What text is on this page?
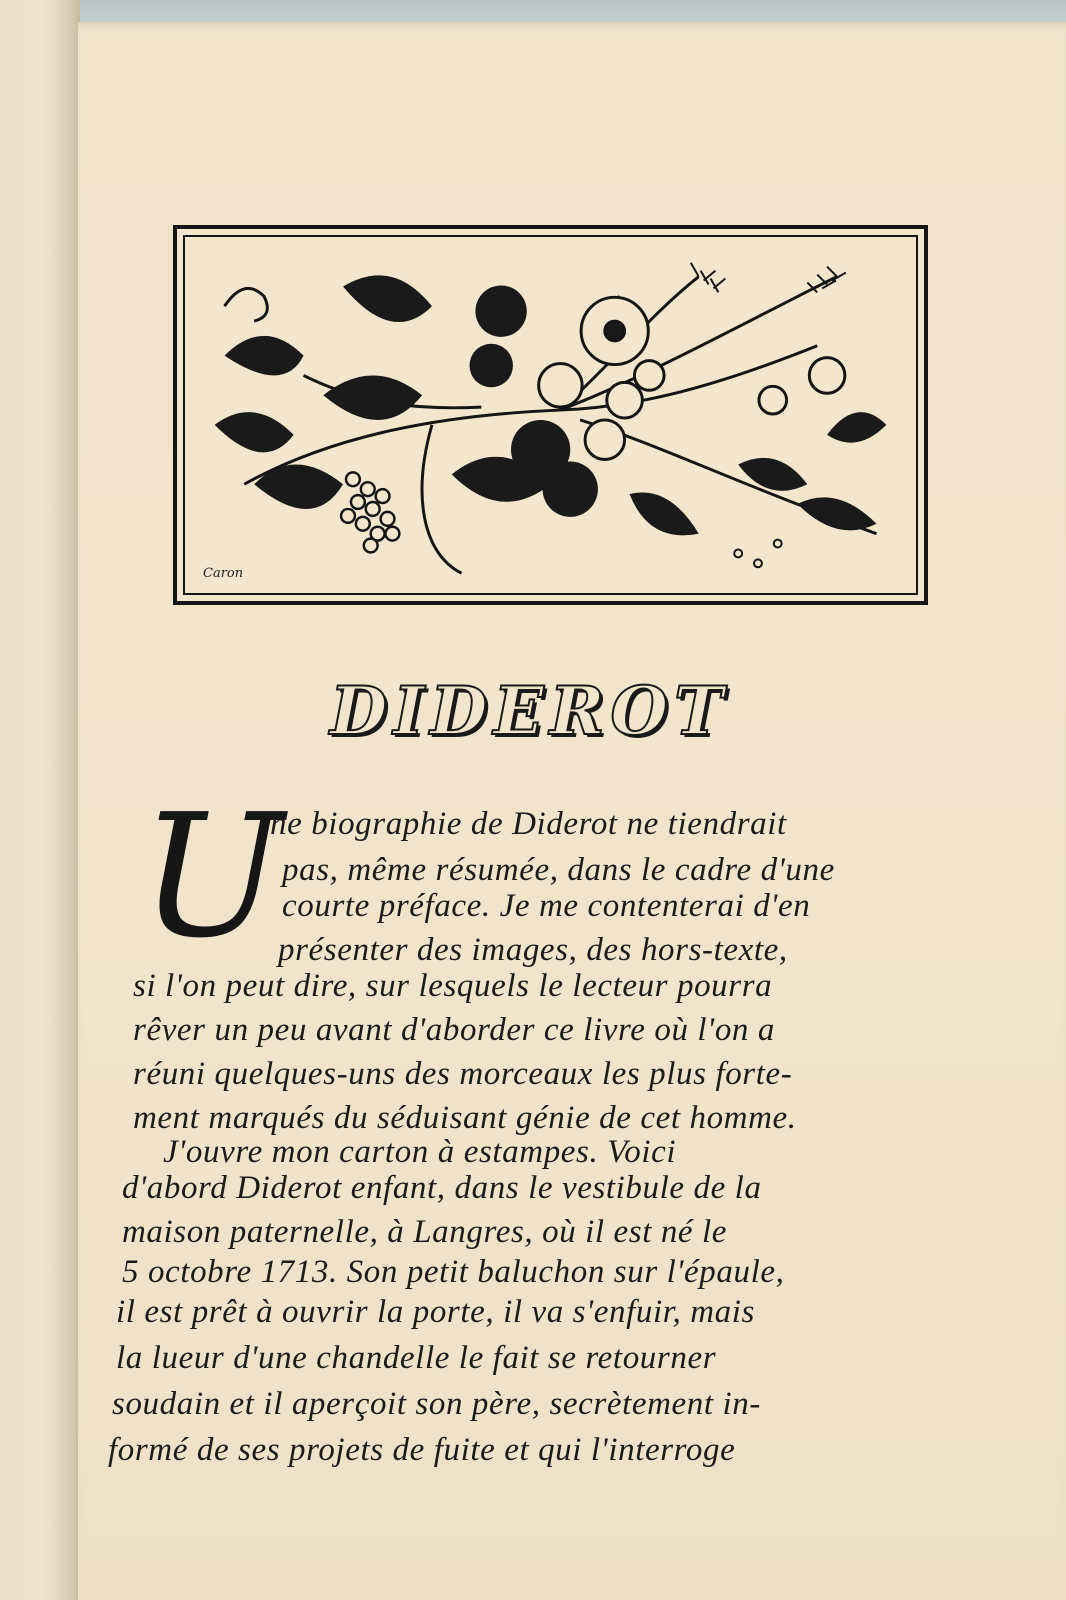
Caron
DIDEROT
U
ne biographie de Diderot ne tiendrait
pas, même résumée, dans le cadre d'une
courte préface. Je me contenterai d'en
présenter des images, des hors-texte,
si l'on peut dire, sur lesquels le lecteur pourra
rêver un peu avant d'aborder ce livre où l'on a
réuni quelques-uns des morceaux les plus forte-
ment marqués du séduisant génie de cet homme.
J'ouvre mon carton à estampes. Voici
d'abord Diderot enfant, dans le vestibule de la
maison paternelle, à Langres, où il est né le
5 octobre 1713. Son petit baluchon sur l'épaule,
il est prêt à ouvrir la porte, il va s'enfuir, mais
la lueur d'une chandelle le fait se retourner
soudain et il aperçoit son père, secrètement in-
formé de ses projets de fuite et qui l'interroge
